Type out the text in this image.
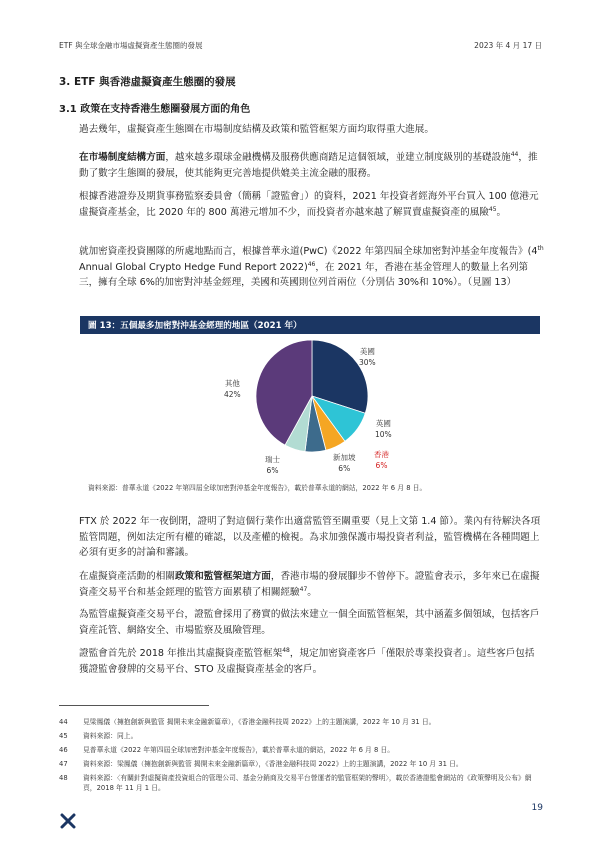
ETF 與全球金融市場虛擬資產生態圈的發展	2023 年 4 月 17 日
3. ETF 與香港虛擬資產生態圈的發展
3.1 政策在支持香港生態圈發展方面的角色

過去幾年，虛擬資產生態圈在市場制度結構及政策和監管框架方面均取得重大進展。

在市場制度結構方面，越來越多環球金融機構及服務供應商踏足這個領域，並建立制度級別的基礎設施$^{44}$，推動了數字生態圈的發展，使其能夠更完善地提供媲美主流金融的服務。

根據香港證券及期貨事務監察委員會（簡稱「證監會」）的資料，2021 年投資者經海外平台買入 100 億港元虛擬資產基金，比 2020 年的 800 萬港元增加不少，而投資者亦越來越了解買賣虛擬資產的風險$^{45}$。

就加密資產投資團隊的所處地點而言，根據普華永道(PwC)《2022 年第四屆全球加密對沖基金年度報告》(4th Annual Global Crypto Hedge Fund Report 2022)$^{46}$，在 2021 年，香港在基金管理人的數量上名列第三，擁有全球 6%的加密對沖基金經理，美國和英國則位列首兩位（分別佔 30%和 10%）。（見圖 13）

圖 13：五個最多加密對沖基金經理的地區（2021 年）
美國
30%
英國
10%
香港
6%
新加坡
6%
瑞士
6%
其他
42%
資料來源：普華永道《2022 年第四屆全球加密對沖基金年度報告》，載於普華永道的網站，2022 年 6 月 8 日。

FTX 於 2022 年一夜倒閉，證明了對這個行業作出適當監管至關重要（見上文第 1.4 節）。業內有待解決各項監管問題，例如法定所有權的確認，以及產權的檢視。為求加強保護市場投資者利益，監管機構在各種問題上必須有更多的討論和審議。

在虛擬資產活動的相關政策和監管框架這方面，香港市場的發展腳步不曾停下。證監會表示，多年來已在虛擬資產交易平台和基金經理的監管方面累積了相關經驗$^{47}$。

為監管虛擬資產交易平台，證監會採用了務實的做法來建立一個全面監管框架，其中涵蓋多個領域，包括客戶資産託管、網絡安全、市場監察及風險管理。

證監會首先於 2018 年推出其虛擬資產監管框架$^{48}$，規定加密資產客戶「僅限於專業投資者」。這些客戶包括獲證監會發牌的交易平台、STO 及虛擬資產基金的客戶。

44 見梁鳳儀（擁抱創新與監管 揭開未來金融新篇章），《香港金融科技周 2022》上的主題演講，2022 年 10 月 31 日。
45 資料來源：同上。
46 見普華永道《2022 年第四屆全球加密對沖基金年度報告》，載於普華永道的網站，2022 年 6 月 8 日。
47 資料來源：梁鳳儀（擁抱創新與監管 揭開未來金融新篇章），《香港金融科技周 2022》上的主題演講，2022 年 10 月 31 日。
48 資料來源：〈有關針對虛擬資產投資組合的管理公司、基金分銷商及交易平台營運者的監管框架的聲明〉，載於香港證監會網站的《政策聲明及公布》網頁，2018 年 11 月 1 日。
19
